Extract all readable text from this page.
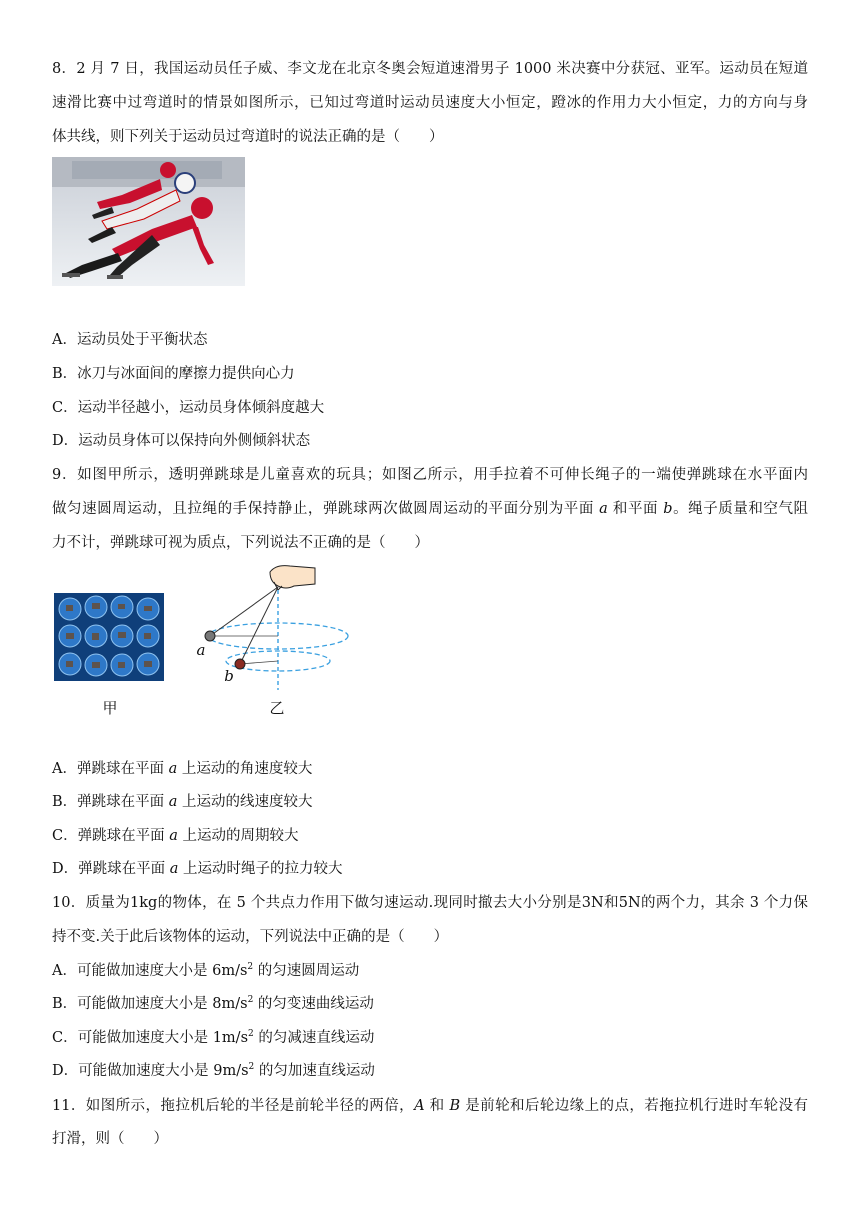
8．2 月 7 日，我国运动员任子威、李文龙在北京冬奥会短道速滑男子 1000 米决赛中分获冠、亚军。运动员在短道
速滑比赛中过弯道时的情景如图所示，已知过弯道时运动员速度大小恒定，蹬冰的作用力大小恒定，力的方向与身
体共线，则下列关于运动员过弯道时的说法正确的是（　　）
A．运动员处于平衡状态
B．冰刀与冰面间的摩擦力提供向心力
C．运动半径越小，运动员身体倾斜度越大
D．运动员身体可以保持向外侧倾斜状态
9．如图甲所示，透明弹跳球是儿童喜欢的玩具；如图乙所示，用手拉着不可伸长绳子的一端使弹跳球在水平面内
做匀速圆周运动，且拉绳的手保持静止，弹跳球两次做圆周运动的平面分别为平面 a 和平面 b。绳子质量和空气阻
力不计，弹跳球可视为质点，下列说法不正确的是（　　）
a
b
甲	乙
A．弹跳球在平面 a 上运动的角速度较大
B．弹跳球在平面 a 上运动的线速度较大
C．弹跳球在平面 a 上运动的周期较大
D．弹跳球在平面 a 上运动时绳子的拉力较大
10．质量为1kg的物体，在 5 个共点力作用下做匀速运动.现同时撤去大小分别是3N和5N的两个力，其余 3 个力保
持不变.关于此后该物体的运动，下列说法中正确的是（　　）
A．可能做加速度大小是 $6m/s^2$ 的匀速圆周运动
B．可能做加速度大小是 $8m/s^2$ 的匀变速曲线运动
C．可能做加速度大小是 $1m/s^2$ 的匀减速直线运动
D．可能做加速度大小是 $9m/s^2$ 的匀加速直线运动
11．如图所示，拖拉机后轮的半径是前轮半径的两倍，A 和 B 是前轮和后轮边缘上的点，若拖拉机行进时车轮没有
打滑，则（　　）
